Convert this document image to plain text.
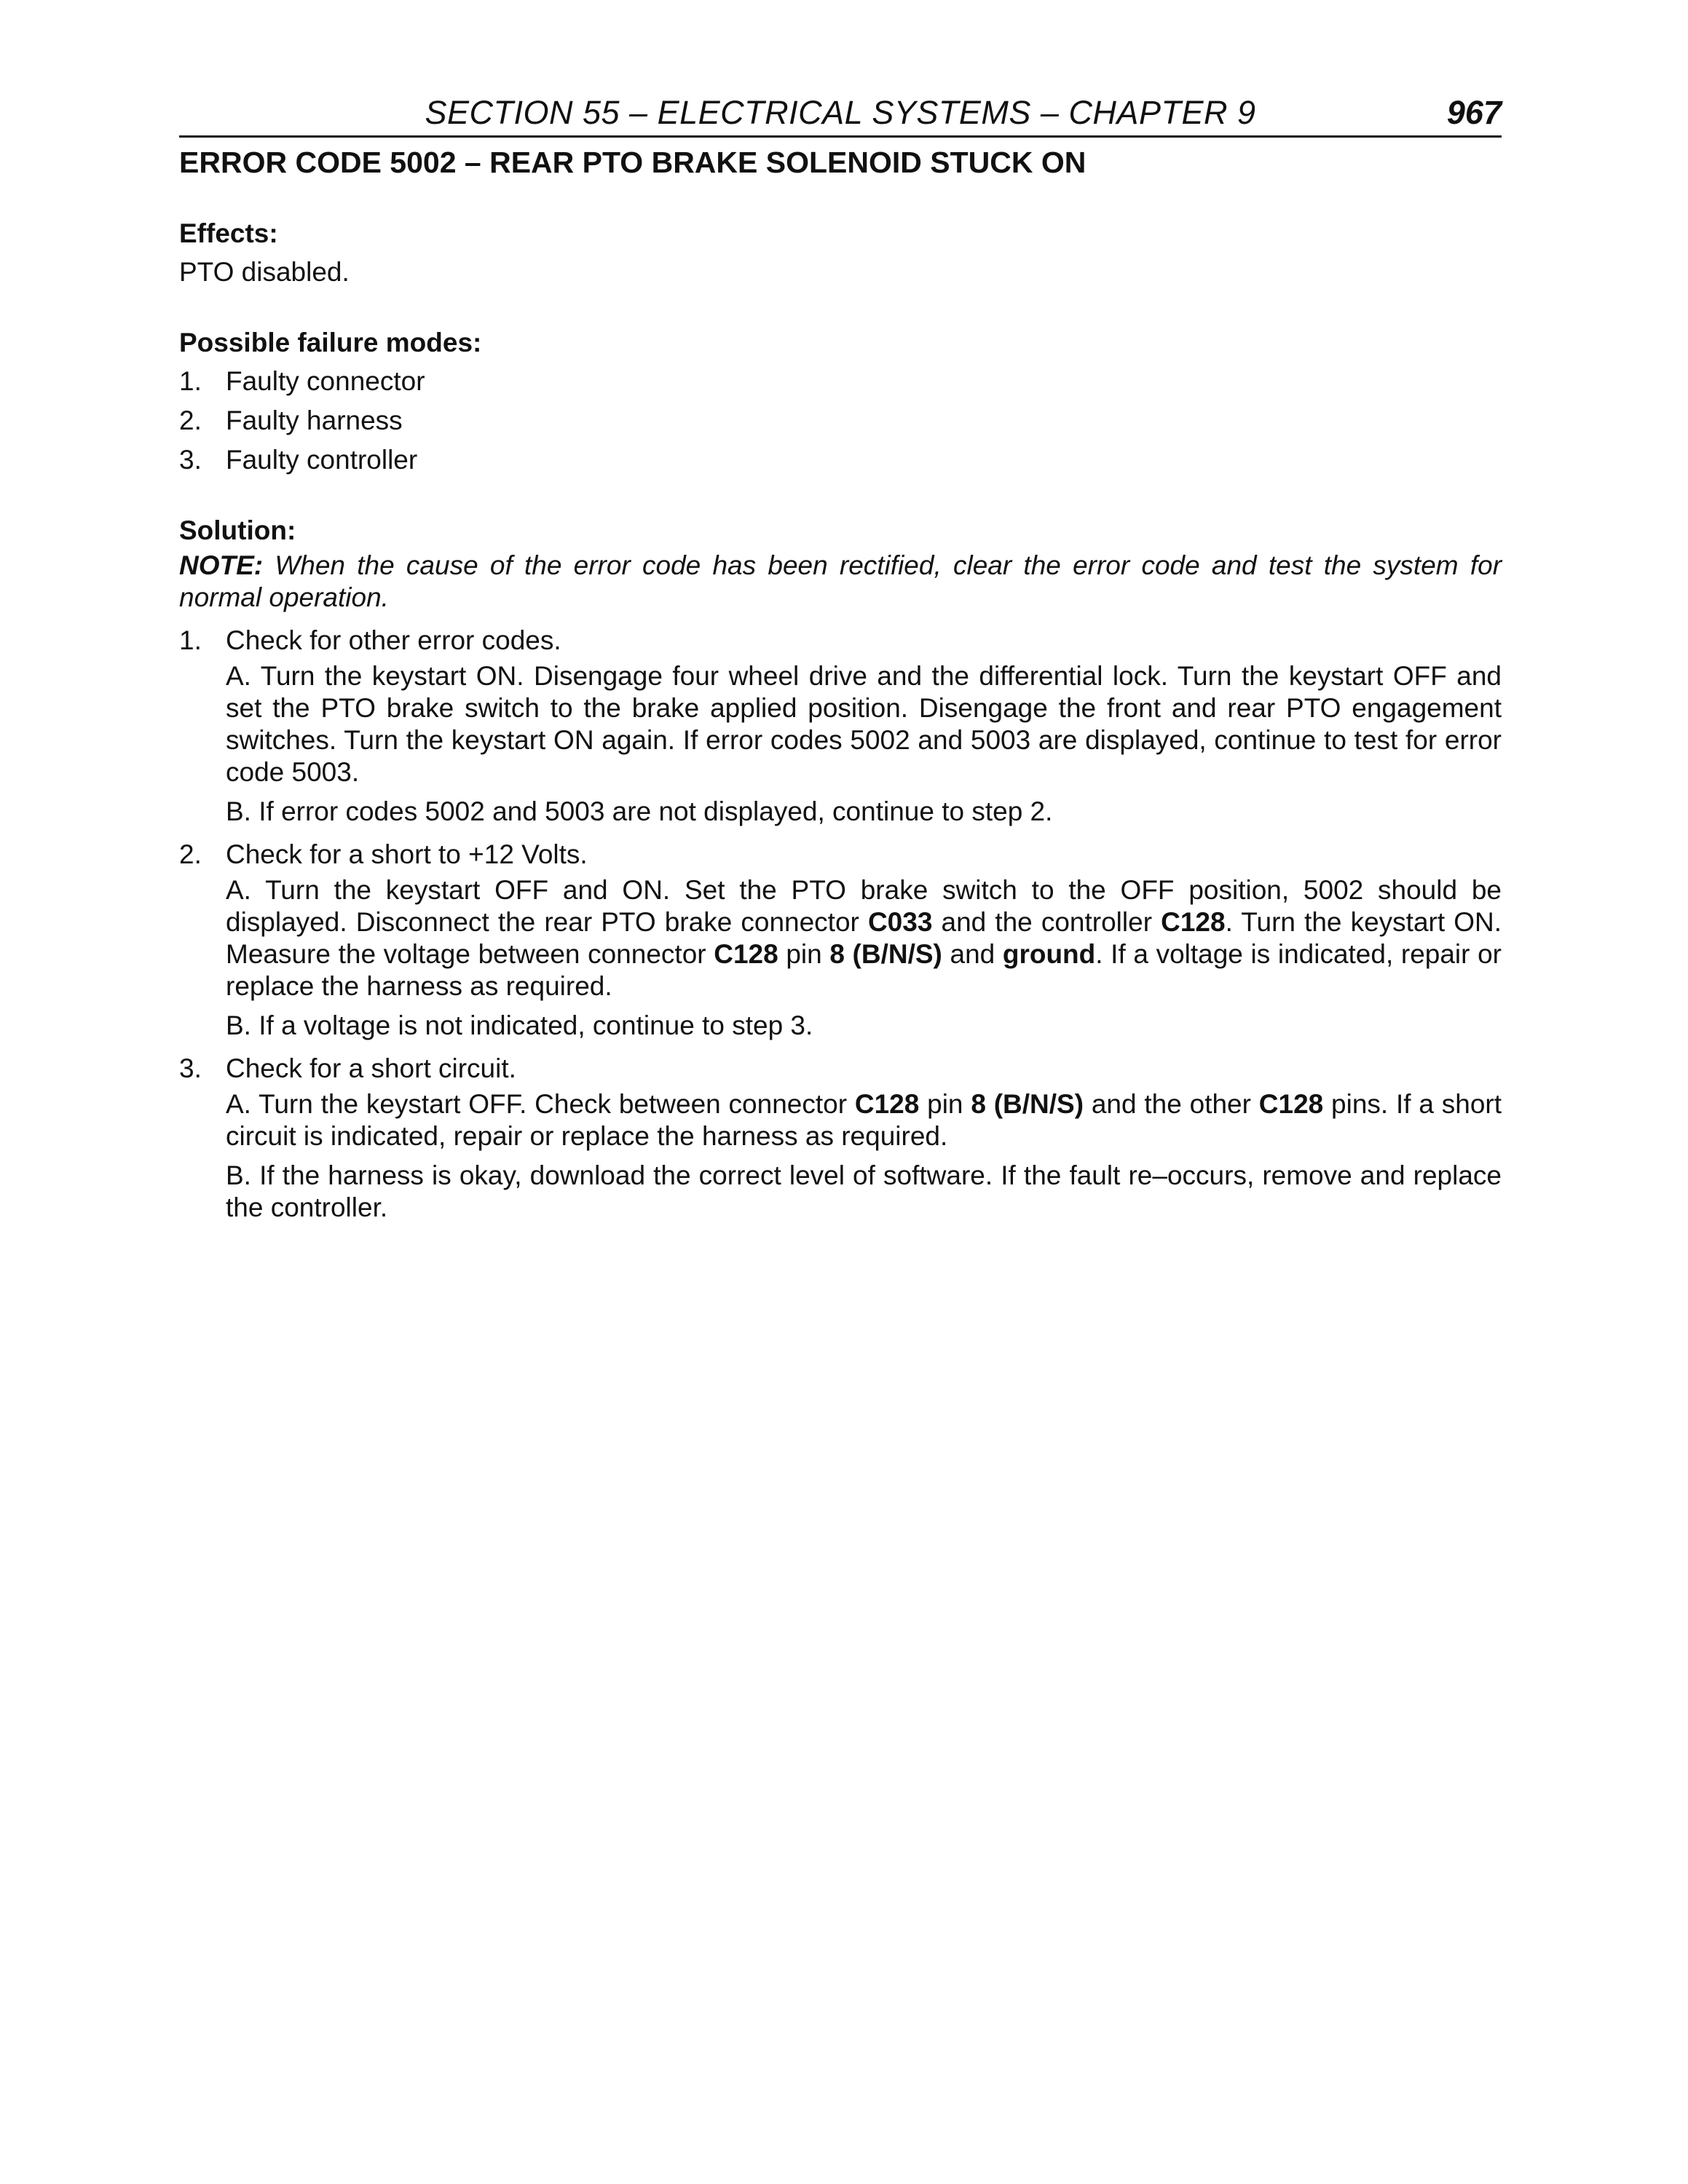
SECTION 55 – ELECTRICAL SYSTEMS – CHAPTER 9	967
ERROR CODE 5002 – REAR PTO BRAKE SOLENOID STUCK ON

Effects:

PTO disabled.

Possible failure modes:

1. Faulty connector
2. Faulty harness
3. Faulty controller

Solution:

NOTE: When the cause of the error code has been rectified, clear the error code and test the system for normal operation.

1. Check for other error codes.

A. Turn the keystart ON. Disengage four wheel drive and the differential lock. Turn the keystart OFF and set the PTO brake switch to the brake applied position. Disengage the front and rear PTO engagement switches. Turn the keystart ON again. If error codes 5002 and 5003 are displayed, continue to test for error code 5003.

B. If error codes 5002 and 5003 are not displayed, continue to step 2.

2. Check for a short to +12 Volts.

A. Turn the keystart OFF and ON. Set the PTO brake switch to the OFF position, 5002 should be displayed. Disconnect the rear PTO brake connector C033 and the controller C128. Turn the keystart ON. Measure the voltage between connector C128 pin 8 (B/N/S) and ground. If a voltage is indicated, repair or replace the harness as required.

B. If a voltage is not indicated, continue to step 3.

3. Check for a short circuit.

A. Turn the keystart OFF. Check between connector C128 pin 8 (B/N/S) and the other C128 pins. If a short circuit is indicated, repair or replace the harness as required.

B. If the harness is okay, download the correct level of software. If the fault re–occurs, remove and replace the controller.
